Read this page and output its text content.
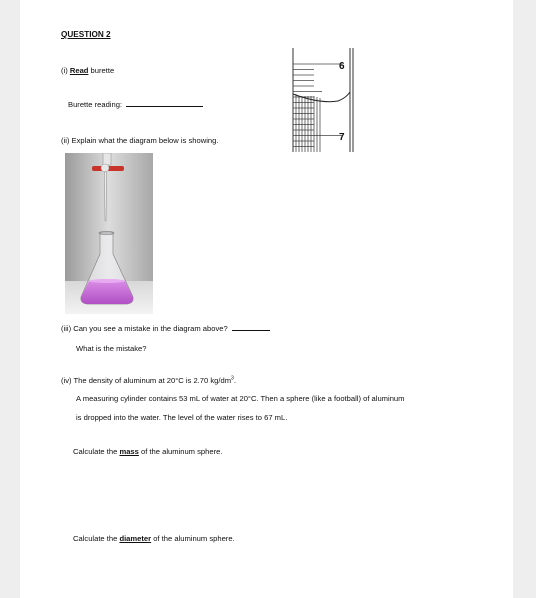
QUESTION 2
(i) Read burette
Burette reading:
6
7
(ii) Explain what the diagram below is showing.
(iii) Can you see a mistake in the diagram above?
What is the mistake?
(iv) The density of aluminum at 20°C is 2.70 $kg/dm^3$.
A measuring cylinder contains 53 mL of water at 20°C. Then a sphere (like a football) of aluminum
is dropped into the water. The level of the water rises to 67 mL.
Calculate the mass of the aluminum sphere.
Calculate the diameter of the aluminum sphere.
